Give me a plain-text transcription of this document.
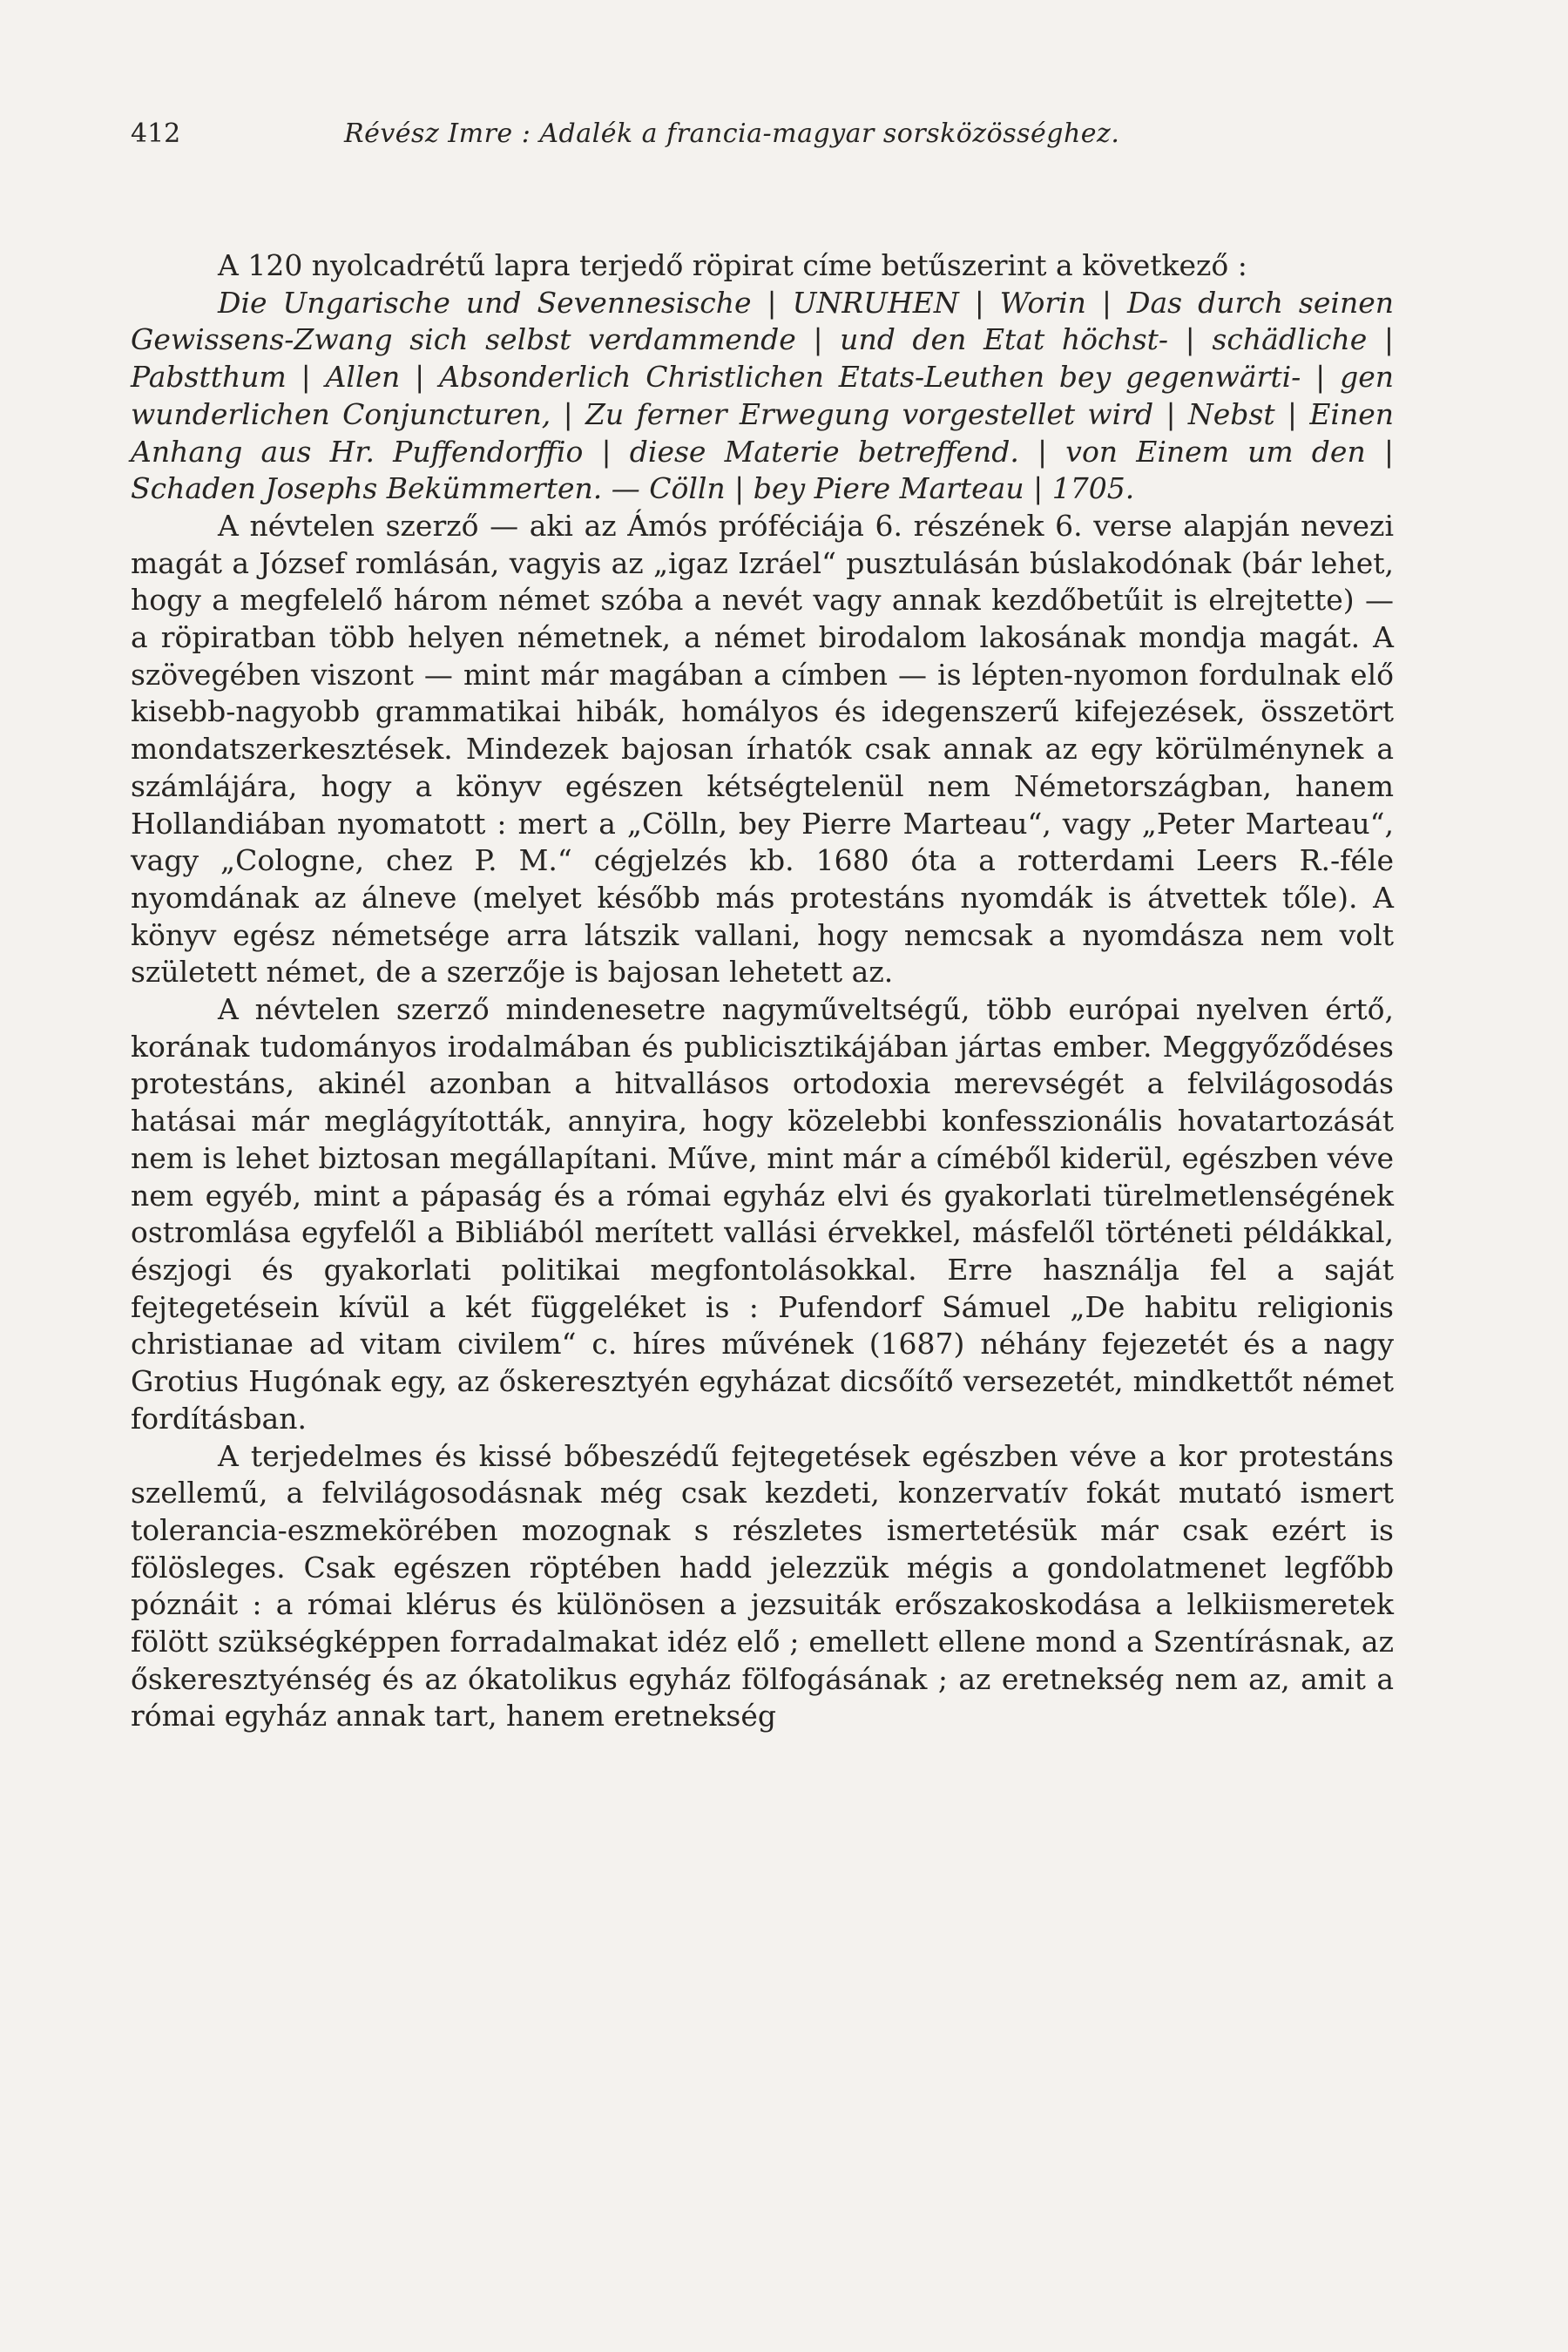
412	Révész Imre : Adalék a francia-magyar sorsközösséghez.

A 120 nyolcadrétű lapra terjedő röpirat címe betűszerint a következő :

Die Ungarische und Sevennesische | UNRUHEN | Worin | Das durch seinen Gewissens-Zwang sich selbst verdammende | und den Etat höchst- | schädliche | Pabstthum | Allen | Absonderlich Christlichen Etats-Leuthen bey gegenwärti- | gen wunderlichen Conjuncturen, | Zu ferner Erwegung vorgestellet wird | Nebst | Einen Anhang aus Hr. Puffendorffio | diese Materie betreffend. | von Einem um den | Schaden Josephs Bekümmerten. — Cölln | bey Piere Marteau | 1705.

A névtelen szerző — aki az Ámós próféciája 6. részének 6. verse alapján nevezi magát a József romlásán, vagyis az „igaz Izráel“ pusztulásán búslakodónak (bár lehet, hogy a megfelelő három német szóba a nevét vagy annak kezdőbetűit is elrejtette) — a röpiratban több helyen németnek, a német birodalom lakosának mondja magát. A szövegében viszont — mint már magában a címben — is lépten-nyomon fordulnak elő kisebb-nagyobb grammatikai hibák, homályos és idegenszerű kifejezések, összetört mondatszerkesztések. Mindezek bajosan írhatók csak annak az egy körülménynek a számlájára, hogy a könyv egészen kétségtelenül nem Németországban, hanem Hollandiában nyomatott : mert a „Cölln, bey Pierre Marteau“, vagy „Peter Marteau“, vagy „Cologne, chez P. M.“ cégjelzés kb. 1680 óta a rotterdami Leers R.-féle nyomdának az álneve (melyet később más protestáns nyomdák is átvettek tőle). A könyv egész németsége arra látszik vallani, hogy nemcsak a nyomdásza nem volt született német, de a szerzője is bajosan lehetett az.

A névtelen szerző mindenesetre nagyműveltségű, több európai nyelven értő, korának tudományos irodalmában és publicisztikájában jártas ember. Meggyőződéses protestáns, akinél azonban a hitvallásos ortodoxia merevségét a felvilágosodás hatásai már meglágyították, annyira, hogy közelebbi konfesszionális hovatartozását nem is lehet biztosan megállapítani. Műve, mint már a címéből kiderül, egészben véve nem egyéb, mint a pápaság és a római egyház elvi és gyakorlati türelmetlenségének ostromlása egyfelől a Bibliából merített vallási érvekkel, másfelől történeti példákkal, észjogi és gyakorlati politikai megfontolásokkal. Erre használja fel a saját fejtegetésein kívül a két függeléket is : Pufendorf Sámuel „De habitu religionis christianae ad vitam civilem“ c. híres művének (1687) néhány fejezetét és a nagy Grotius Hugónak egy, az őskeresztyén egyházat dicsőítő versezetét, mindkettőt német fordításban.

A terjedelmes és kissé bőbeszédű fejtegetések egészben véve a kor protestáns szellemű, a felvilágosodásnak még csak kezdeti, konzervatív fokát mutató ismert tolerancia-eszmekörében mozognak s részletes ismertetésük már csak ezért is fölösleges. Csak egészen röptében hadd jelezzük mégis a gondolatmenet legfőbb póznáit : a római klérus és különösen a jezsuiták erőszakoskodása a lelkiismeretek fölött szükségképpen forradalmakat idéz elő ; emellett ellene mond a Szentírásnak, az őskeresztyénség és az ókatolikus egyház fölfogásának ; az eretnekség nem az, amit a római egyház annak tart, hanem eretnekség
